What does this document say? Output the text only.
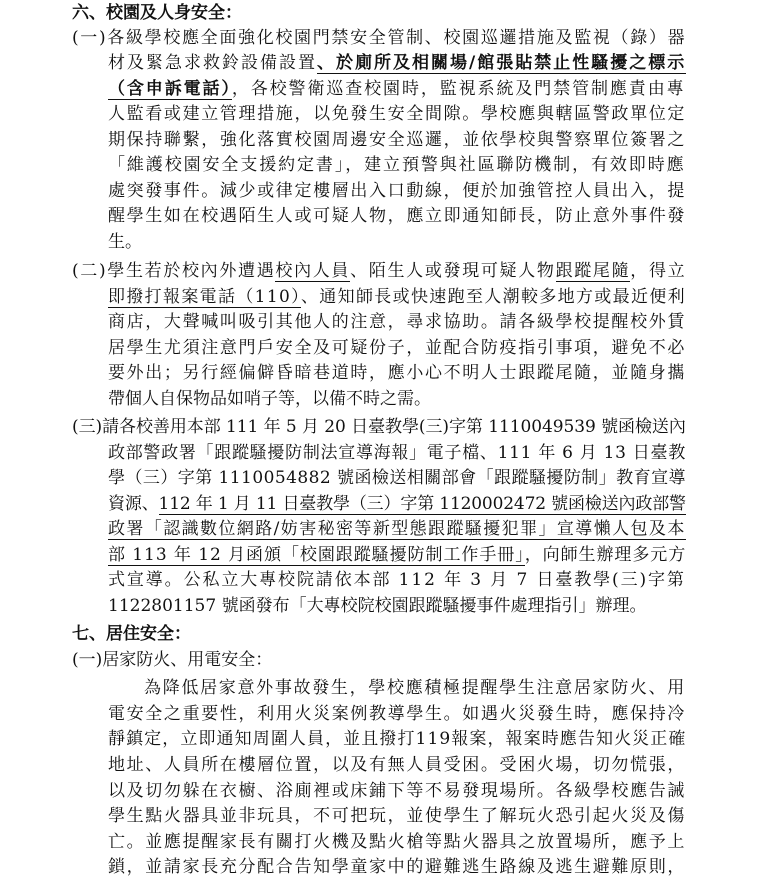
六、校園及人身安全：
(一)各級學校應全面強化校園門禁安全管制、校園巡邏措施及監視（錄）器
材及緊急求救鈴設備設置、於廁所及相關場/館張貼禁止性騷擾之標示
（含申訴電話），各校警衛巡查校園時，監視系統及門禁管制應責由專
人監看或建立管理措施，以免發生安全間隙。學校應與轄區警政單位定
期保持聯繫，強化落實校園周邊安全巡邏，並依學校與警察單位簽署之
「維護校園安全支援約定書」，建立預警與社區聯防機制，有效即時應
處突發事件。減少或律定樓層出入口動線，便於加強管控人員出入，提
醒學生如在校遇陌生人或可疑人物，應立即通知師長，防止意外事件發
生。
(二)學生若於校內外遭遇校內人員、陌生人或發現可疑人物跟蹤尾隨，得立
即撥打報案電話（110）、通知師長或快速跑至人潮較多地方或最近便利
商店，大聲喊叫吸引其他人的注意，尋求協助。請各級學校提醒校外賃
居學生尤須注意門戶安全及可疑份子，並配合防疫指引事項，避免不必
要外出；另行經偏僻昏暗巷道時，應小心不明人士跟蹤尾隨，並隨身攜
帶個人自保物品如哨子等，以備不時之需。
(三)請各校善用本部 111 年 5 月 20 日臺教學(三)字第 1110049539 號函檢送內
政部警政署「跟蹤騷擾防制法宣導海報」電子檔、111 年 6 月 13 日臺教
學（三）字第 1110054882 號函檢送相關部會「跟蹤騷擾防制」教育宣導
資源、112 年 1 月 11 日臺教學（三）字第 1120002472 號函檢送內政部警
政署「認識數位網路/妨害秘密等新型態跟蹤騷擾犯罪」宣導懶人包及本
部 113 年 12 月函頒「校園跟蹤騷擾防制工作手冊」，向師生辦理多元方
式宣導。公私立大專校院請依本部 112 年 3 月 7 日臺教學(三)字第
1122801157 號函發布「大專校院校園跟蹤騷擾事件處理指引」辦理。
七、居住安全：
(一)居家防火、用電安全：
為降低居家意外事故發生，學校應積極提醒學生注意居家防火、用
電安全之重要性，利用火災案例教導學生。如遇火災發生時，應保持冷
靜鎮定，立即通知周圍人員，並且撥打119報案，報案時應告知火災正確
地址、人員所在樓層位置，以及有無人員受困。受困火場，切勿慌張，
以及切勿躲在衣櫥、浴廁裡或床鋪下等不易發現場所。各級學校應告誡
學生點火器具並非玩具，不可把玩，並使學生了解玩火恐引起火災及傷
亡。並應提醒家長有關打火機及點火槍等點火器具之放置場所，應予上
鎖，並請家長充分配合告知學童家中的避難逃生路線及逃生避難原則，
